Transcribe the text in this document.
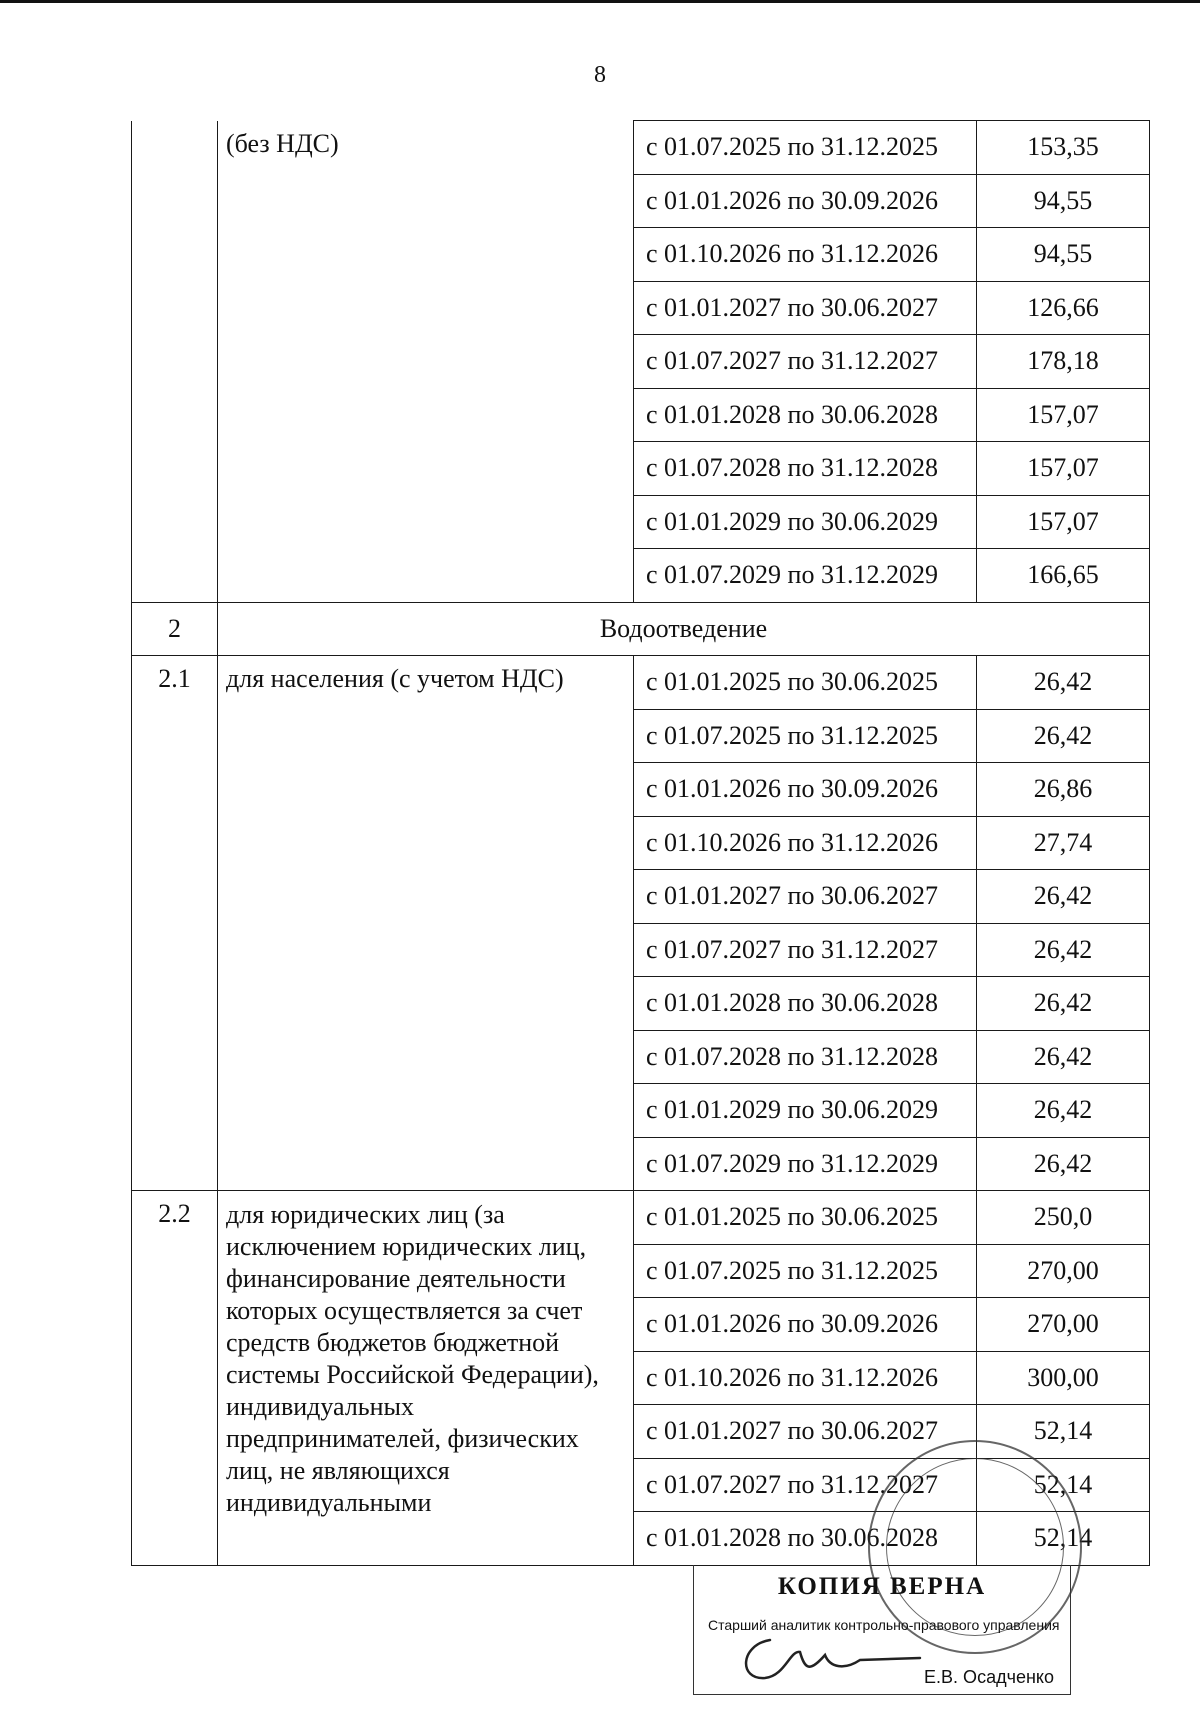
8
	(без НДС)	с 01.07.2025 по 31.12.2025	153,35
		с 01.01.2026 по 30.09.2026	94,55
		с 01.10.2026 по 31.12.2026	94,55
		с 01.01.2027 по 30.06.2027	126,66
		с 01.07.2027 по 31.12.2027	178,18
		с 01.01.2028 по 30.06.2028	157,07
		с 01.07.2028 по 31.12.2028	157,07
		с 01.01.2029 по 30.06.2029	157,07
		с 01.07.2029 по 31.12.2029	166,65
2	Водоотведение		
2.1	для населения (с учетом НДС)	с 01.01.2025 по 30.06.2025	26,42
		с 01.07.2025 по 31.12.2025	26,42
		с 01.01.2026 по 30.09.2026	26,86
		с 01.10.2026 по 31.12.2026	27,74
		с 01.01.2027 по 30.06.2027	26,42
		с 01.07.2027 по 31.12.2027	26,42
		с 01.01.2028 по 30.06.2028	26,42
		с 01.07.2028 по 31.12.2028	26,42
		с 01.01.2029 по 30.06.2029	26,42
		с 01.07.2029 по 31.12.2029	26,42
2.2	для юридических лиц (за исключением юридических лиц, финансирование деятельности которых осуществляется за счет средств бюджетов бюджетной системы Российской Федерации), индивидуальных предпринимателей, физических лиц, не являющихся индивидуальными	с 01.01.2025 по 30.06.2025	250,0
		с 01.07.2025 по 31.12.2025	270,00
		с 01.01.2026 по 30.09.2026	270,00
		с 01.10.2026 по 31.12.2026	300,00
		с 01.01.2027 по 30.06.2027	52,14
		с 01.07.2027 по 31.12.2027	52,14
		с 01.01.2028 по 30.06.2028	52,14
КОПИЯ ВЕРНА
Старший аналитик контрольно-правового управления
Е.В. Осадченко
